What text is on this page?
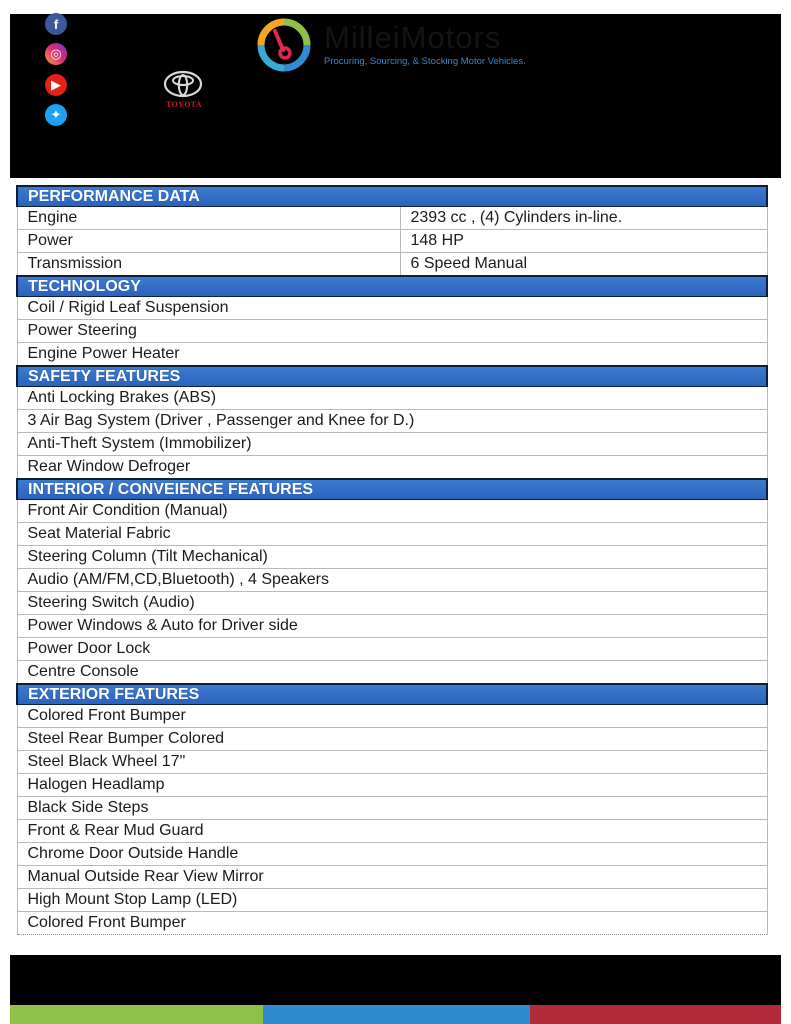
f
◎
▶
✦
TOYOTA
MilleiMotors
Procuring, Sourcing, & Stocking Motor Vehicles.
PERFORMANCE DATA	
Engine	2393 cc , (4) Cylinders in-line.
Power	148 HP
Transmission	6 Speed Manual
TECHNOLOGY	
Coil / Rigid Leaf Suspension	
Power Steering	
Engine Power Heater	
SAFETY FEATURES	
Anti Locking Brakes (ABS)	
3 Air Bag System (Driver , Passenger and Knee for D.)	
Anti-Theft System (Immobilizer)	
Rear Window Defroger	
INTERIOR / CONVEIENCE FEATURES	
Front Air Condition (Manual)	
Seat Material Fabric	
Steering Column (Tilt Mechanical)	
Audio (AM/FM,CD,Bluetooth) , 4 Speakers	
Steering Switch (Audio)	
Power Windows & Auto for Driver side	
Power Door Lock	
Centre Console	
EXTERIOR FEATURES	
Colored Front Bumper	
Steel Rear Bumper Colored	
Steel Black Wheel 17"	
Halogen Headlamp	
Black Side Steps	
Front & Rear Mud Guard	
Chrome Door Outside Handle	
Manual Outside Rear View Mirror	
High Mount Stop Lamp (LED)	
Colored Front Bumper	
